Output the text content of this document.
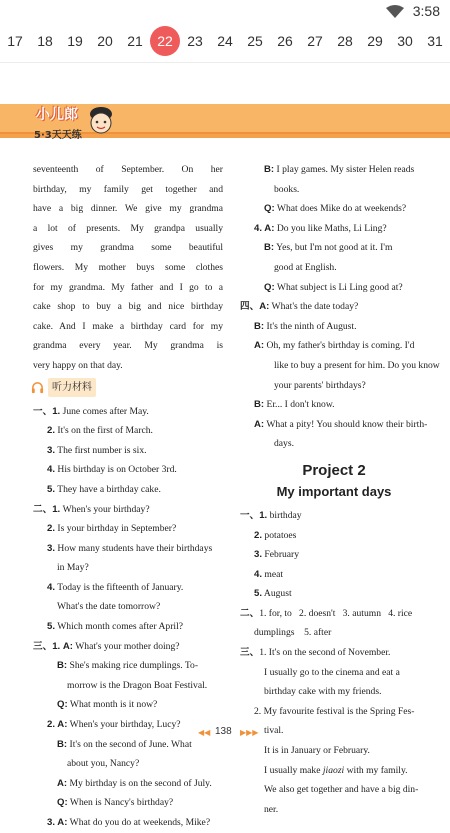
3:58
17	18	19	20	21	22	23	24	25	26	27	28	29	30	31
小儿郎
5·3天天练
seventeenth of September. On her
birthday, my family get together and
have a big dinner. We give my grandma
a lot of presents. My grandpa usually
gives my grandma some beautiful
flowers. My mother buys some clothes
for my grandma. My father and I go to a
cake shop to buy a big and nice birthday
cake. And I make a birthday card for my
grandma every year. My grandma is
very happy on that day.
听力材料
一、1. June comes after May.
2. It's on the first of March.
3. The first number is six.
4. His birthday is on October 3rd.
5. They have a birthday cake.
二、1. When's your birthday?
2. Is your birthday in September?
3. How many students have their birthdays
in May?
4. Today is the fifteenth of January.
What's the date tomorrow?
5. Which month comes after April?
三、1. A: What's your mother doing?
B: She's making rice dumplings. To-
morrow is the Dragon Boat Festival.
Q: What month is it now?
2. A: When's your birthday, Lucy?
B: It's on the second of June. What
about you, Nancy?
A: My birthday is on the second of July.
Q: When is Nancy's birthday?
3. A: What do you do at weekends, Mike?
B: I play games. My sister Helen reads
books.
Q: What does Mike do at weekends?
4. A: Do you like Maths, Li Ling?
B: Yes, but I'm not good at it. I'm
good at English.
Q: What subject is Li Ling good at?
四、A: What's the date today?
B: It's the ninth of August.
A: Oh, my father's birthday is coming. I'd
like to buy a present for him. Do you know
your parents' birthdays?
B: Er... I don't know.
A: What a pity! You should know their birth-
days.
Project 2
My important days
一、1. birthday
2. potatoes
3. February
4. meat
5. August
二、1. for, to 2. doesn't 3. autumn 4. rice
dumplings 5. after
三、1. It's on the second of November.
I usually go to the cinema and eat a
birthday cake with my friends.
2. My favourite festival is the Spring Fes-
tival.
It is in January or February.
I usually make jiaozi with my family.
We also get together and have a big din-
ner.
◀◀ 138 ▶▶▶
